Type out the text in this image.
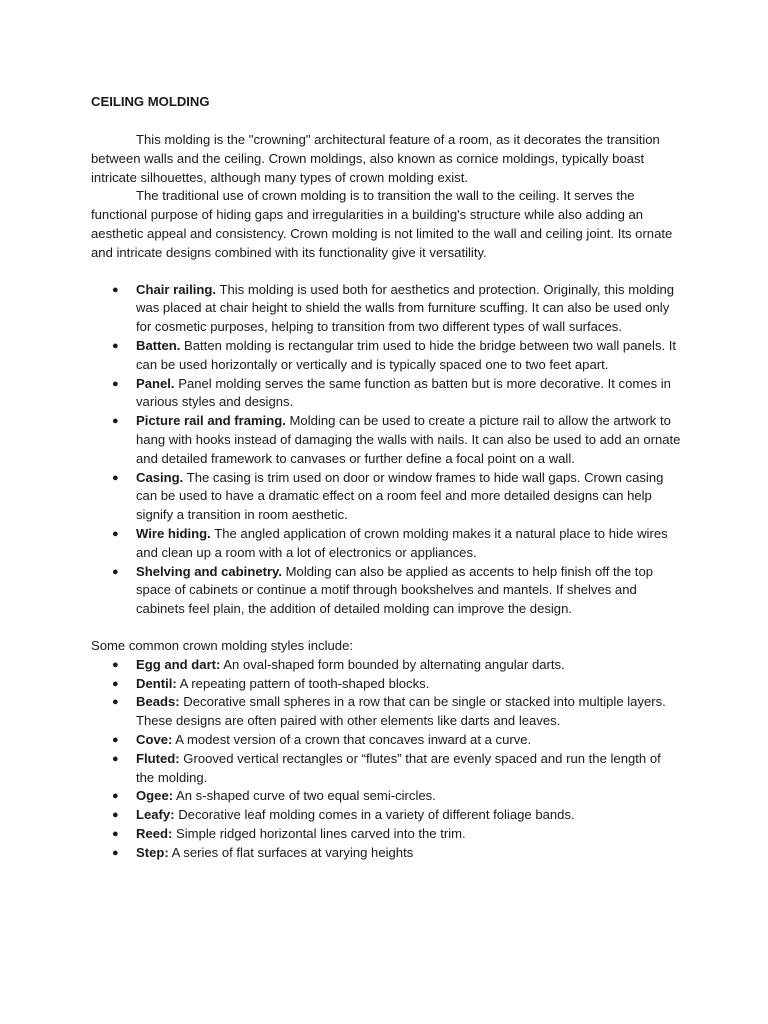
CEILING MOLDING

This molding is the "crowning" architectural feature of a room, as it decorates the transition between walls and the ceiling. Crown moldings, also known as cornice moldings, typically boast intricate silhouettes, although many types of crown molding exist.

The traditional use of crown molding is to transition the wall to the ceiling. It serves the functional purpose of hiding gaps and irregularities in a building's structure while also adding an aesthetic appeal and consistency. Crown molding is not limited to the wall and ceiling joint. Its ornate and intricate designs combined with its functionality give it versatility.

● Chair railing. This molding is used both for aesthetics and protection. Originally, this molding was placed at chair height to shield the walls from furniture scuffing. It can also be used only for cosmetic purposes, helping to transition from two different types of wall surfaces.
● Batten. Batten molding is rectangular trim used to hide the bridge between two wall panels. It can be used horizontally or vertically and is typically spaced one to two feet apart.
● Panel. Panel molding serves the same function as batten but is more decorative. It comes in various styles and designs.
● Picture rail and framing. Molding can be used to create a picture rail to allow the artwork to hang with hooks instead of damaging the walls with nails. It can also be used to add an ornate and detailed framework to canvases or further define a focal point on a wall.
● Casing. The casing is trim used on door or window frames to hide wall gaps. Crown casing can be used to have a dramatic effect on a room feel and more detailed designs can help signify a transition in room aesthetic.
● Wire hiding. The angled application of crown molding makes it a natural place to hide wires and clean up a room with a lot of electronics or appliances.
● Shelving and cabinetry. Molding can also be applied as accents to help finish off the top space of cabinets or continue a motif through bookshelves and mantels. If shelves and cabinets feel plain, the addition of detailed molding can improve the design.

Some common crown molding styles include:

● Egg and dart: An oval-shaped form bounded by alternating angular darts.
● Dentil: A repeating pattern of tooth-shaped blocks.
● Beads: Decorative small spheres in a row that can be single or stacked into multiple layers. These designs are often paired with other elements like darts and leaves.
● Cove: A modest version of a crown that concaves inward at a curve.
● Fluted: Grooved vertical rectangles or “flutes” that are evenly spaced and run the length of the molding.
● Ogee: An s-shaped curve of two equal semi-circles.
● Leafy: Decorative leaf molding comes in a variety of different foliage bands.
● Reed: Simple ridged horizontal lines carved into the trim.
● Step: A series of flat surfaces at varying heights
